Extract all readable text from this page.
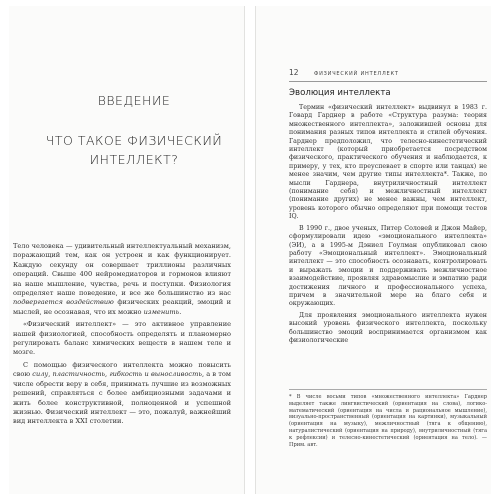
ВВЕДЕНИЕ
ЧТО ТАКОЕ ФИЗИЧЕСКИЙ
ИНТЕЛЛЕКТ?

Тело человека — удивительный интеллектуальный механизм, поражающий тем, как он устроен и как функционирует. Каждую секунду он совершает триллионы различных операций. Свыше 400 нейромедиаторов и гормонов влияют на наше мышление, чувства, речь и поступки. Физиология определяет наше поведение, и все же большинство из нас подвергается воздействию физических реакций, эмоций и мыслей, не осознавая, что их можно изменить.

«Физический интеллект» — это активное управление нашей физиологией, способность определять и планомерно регулировать баланс химических веществ в нашем теле и мозге.

С помощью физического интеллекта можно повысить свою силу, пластичность, гибкость и выносливость, а в том числе обрести веру в себя, принимать лучшие из возможных решений, справляться с более амбициозными задачами и жить более конструктивной, полноценной и успешной жизнью. Физический интеллект — это, пожалуй, важнейший вид интеллекта в XXI столетии.

12	ФИЗИЧЕСКИЙ ИНТЕЛЛЕКТ
Эволюция интеллекта

Термин «физический интеллект» выдвинул в 1983 г. Говард Гарднер в работе «Структура разума: теория множественного интеллекта», заложившей основы для понимания разных типов интеллекта и стилей обучения. Гарднер предположил, что телесно-кинестетический интеллект (который приобретается посредством физического, практического обучения и наблюдается, к примеру, у тех, кто преуспевает в спорте или танцах) не менее значим, чем другие типы интеллекта*. Также, по мысли Гарднера, внутриличностный интеллект (понимание себя) и межличностный интеллект (понимание других) не менее важны, чем интеллект, уровень которого обычно определяют при помощи тестов IQ.

В 1990 г., двое ученых, Питер Соловей и Джон Майер, сформулировали идею «эмоционального интеллекта» (ЭИ), а в 1995-м Дэниел Гоулман опубликовал свою работу «Эмоциональный интеллект». Эмоциональный интеллект — это способность осознавать, контролировать и выражать эмоции и поддерживать межличностное взаимодействие, проявляя здравомыслие и эмпатию ради достижения личного и профессионального успеха, причем в значительной мере на благо себя и окружающих.

Для проявления эмоционального интеллекта нужен высокий уровень физического интеллекта, поскольку большинство эмоций воспринимается организмом как физиологические

* В числе восьми типов «множественного интеллекта» Гарднер выделяет также лингвистический (ориентация на слова), логико-математический (ориентация на числа и рациональное мышление), визуально-пространственный (ориентация на картинки), музыкальный (ориентация на музыку), межличностный (тяга к общению), натуралистический (ориентация на природу), внутриличностный (тяга к рефлексии) и телесно-кинестетический (ориентация на тело). — Прим. авт.
